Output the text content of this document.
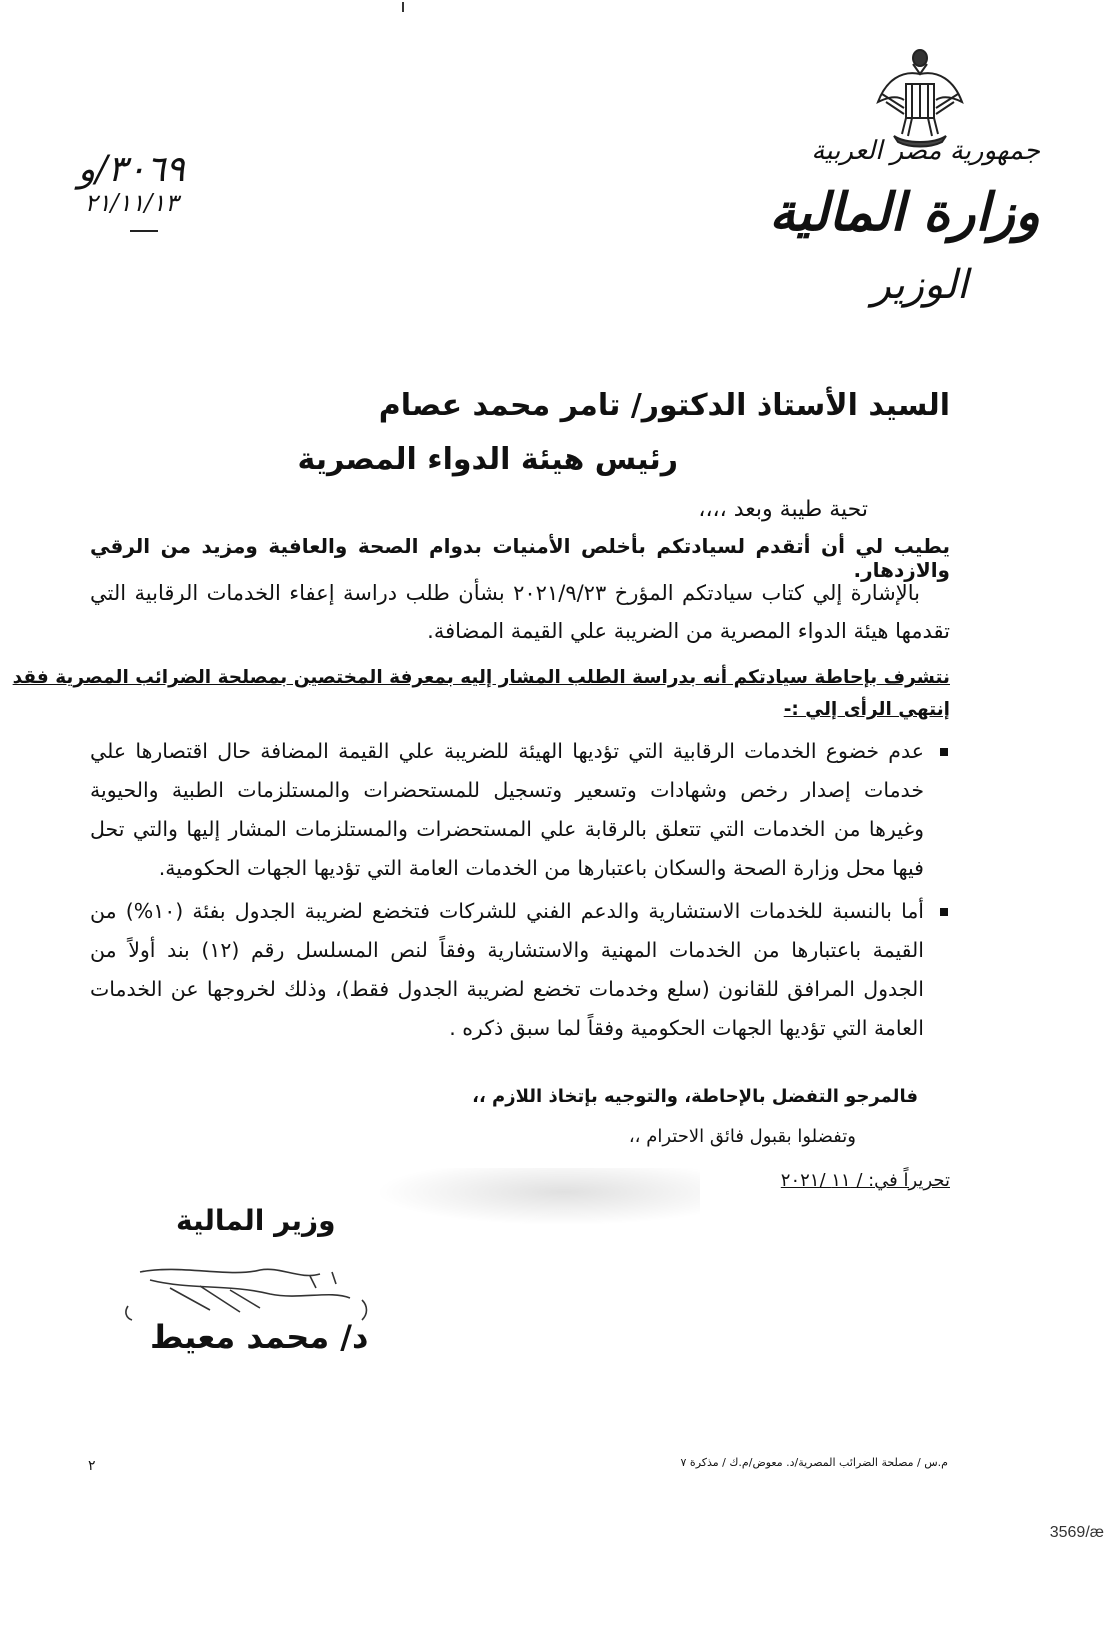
جمهورية مصر العربية
وزارة المالية
الوزير
٣٠٦٩/و
٢١/١١/١٣
السيد الأستاذ الدكتور/ تامر محمد عصام
رئيس هيئة الدواء المصرية
تحية طيبة وبعد ،،،،
يطيب لي أن أتقدم لسيادتكم بأخلص الأمنيات بدوام الصحة والعافية ومزيد من الرقي والازدهار.
بالإشارة إلي كتاب سيادتكم المؤرخ ٢٠٢١/٩/٢٣ بشأن طلب دراسة إعفاء الخدمات الرقابية التي تقدمها هيئة الدواء المصرية من الضريبة علي القيمة المضافة.
نتشرف بإحاطة سيادتكم أنه بدراسة الطلب المشار إليه بمعرفة المختصين بمصلحة الضرائب المصرية فقد
إنتهي الرأى إلي :-
عدم خضوع الخدمات الرقابية التي تؤديها الهيئة للضريبة علي القيمة المضافة حال اقتصارها علي خدمات إصدار رخص وشهادات وتسعير وتسجيل للمستحضرات والمستلزمات الطبية والحيوية وغيرها من الخدمات التي تتعلق بالرقابة علي المستحضرات والمستلزمات المشار إليها والتي تحل فيها محل وزارة الصحة والسكان باعتبارها من الخدمات العامة التي تؤديها الجهات الحكومية.
أما بالنسبة للخدمات الاستشارية والدعم الفني للشركات فتخضع لضريبة الجدول بفئة (١٠%) من القيمة باعتبارها من الخدمات المهنية والاستشارية وفقاً لنص المسلسل رقم (١٢) بند أولاً من الجدول المرافق للقانون (سلع وخدمات تخضع لضريبة الجدول فقط)، وذلك لخروجها عن الخدمات العامة التي تؤديها الجهات الحكومية وفقاً لما سبق ذكره .
فالمرجو التفضل بالإحاطة، والتوجيه بإتخاذ اللازم ،،
وتفضلوا بقبول فائق الاحترام ،،
تحريراً في: / ١١ /٢٠٢١
وزير المالية
د/ محمد معيط
٢	م.س / مصلحة الضرائب المصرية/د. معوض/م.ك / مذكرة ٧
3569/æ
